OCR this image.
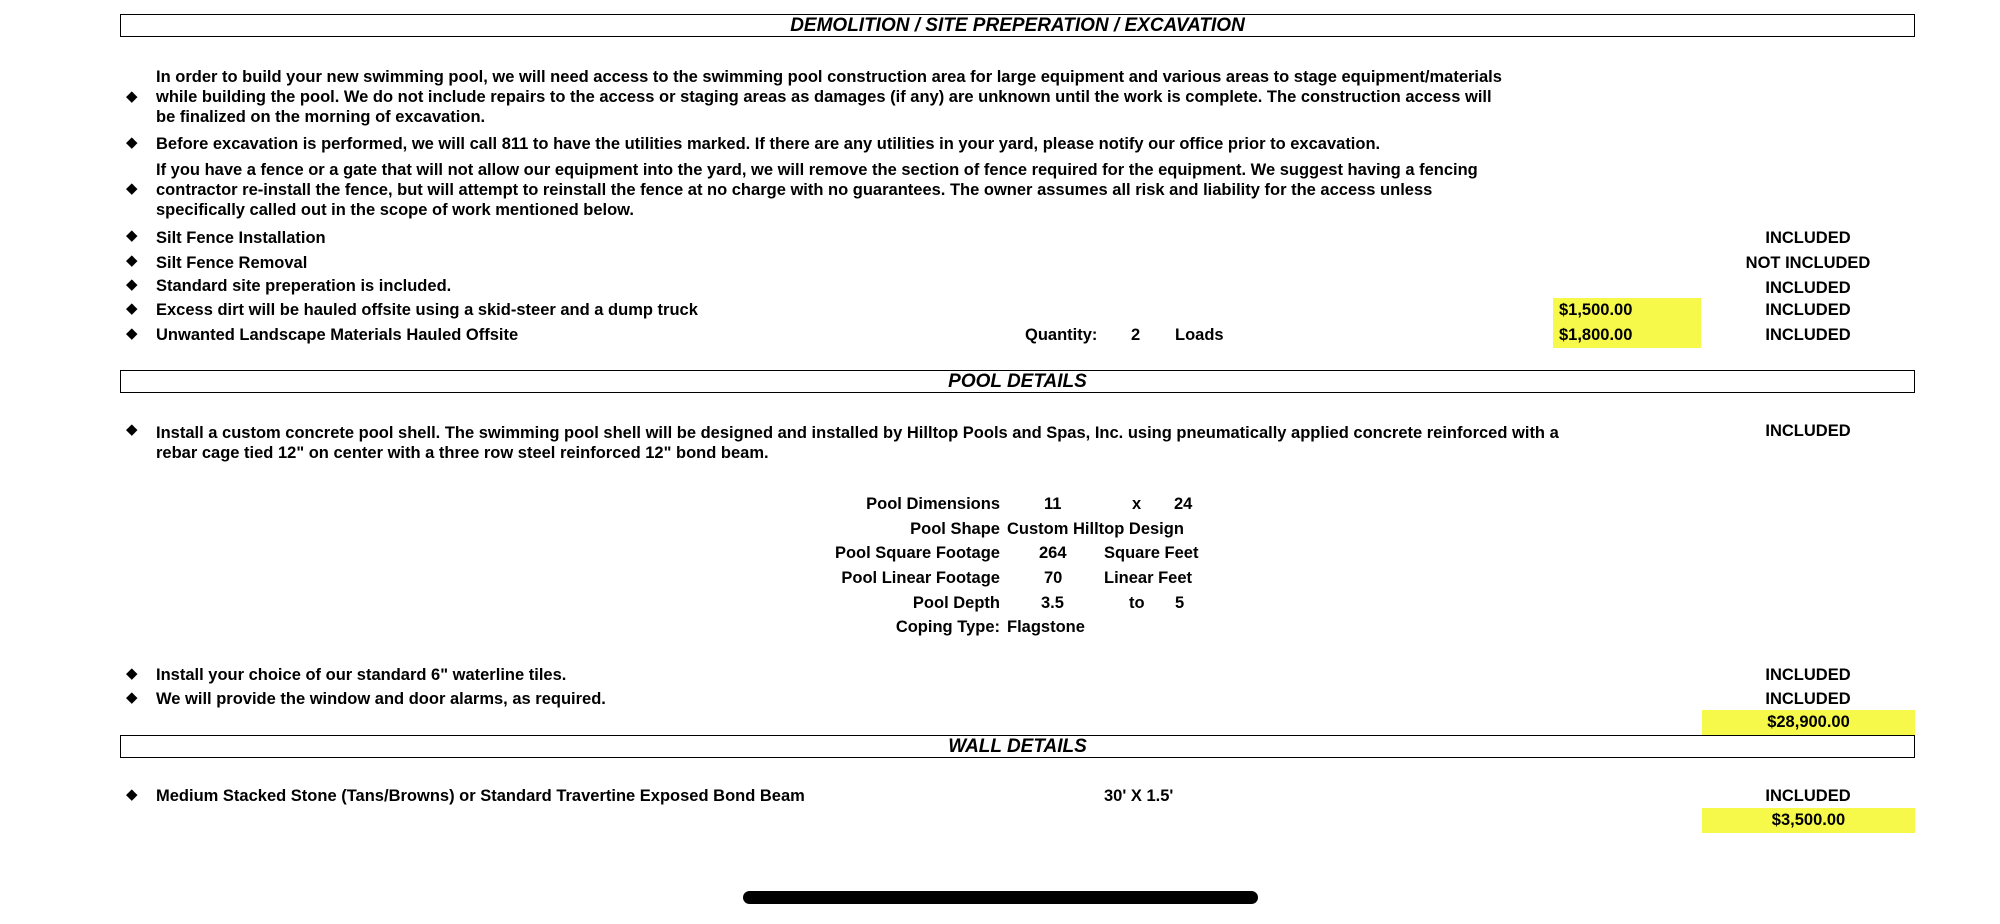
DEMOLITION / SITE PREPERATION / EXCAVATION
◆
In order to build your new swimming pool, we will need access to the swimming pool construction area for large equipment and various areas to stage equipment/materials
while building the pool. We do not include repairs to the access or staging areas as damages (if any) are unknown until the work is complete. The construction access will
be finalized on the morning of excavation.
◆ Before excavation is performed, we will call 811 to have the utilities marked. If there are any utilities in your yard, please notify our office prior to excavation.
◆
If you have a fence or a gate that will not allow our equipment into the yard, we will remove the section of fence required for the equipment. We suggest having a fencing
contractor re-install the fence, but will attempt to reinstall the fence at no charge with no guarantees. The owner assumes all risk and liability for the access unless
specifically called out in the scope of work mentioned below.
◆ Silt Fence Installation	INCLUDED
◆ Silt Fence Removal	NOT INCLUDED
◆ Standard site preperation is included.	INCLUDED
◆ Excess dirt will be hauled offsite using a skid-steer and a dump truck	$1,500.00	INCLUDED
◆ Unwanted Landscape Materials Hauled Offsite	Quantity: 2 Loads	$1,800.00	INCLUDED
POOL DETAILS
◆ Install a custom concrete pool shell. The swimming pool shell will be designed and installed by Hilltop Pools and Spas, Inc. using pneumatically applied concrete reinforced with a
rebar cage tied 12" on center with a three row steel reinforced 12" bond beam.
INCLUDED
Pool Dimensions	11	x 24
Pool Shape Custom Hilltop Design
Pool Square Footage 264 Square Feet
Pool Linear Footage	70	Linear Feet
Pool Depth 3.5	to 5
Coping Type: Flagstone
◆ Install your choice of our standard 6" waterline tiles.	INCLUDED
◆ We will provide the window and door alarms, as required.	INCLUDED
$28,900.00
WALL DETAILS
◆ Medium Stacked Stone (Tans/Browns) or Standard Travertine Exposed Bond Beam	30' X 1.5'	INCLUDED
$3,500.00
